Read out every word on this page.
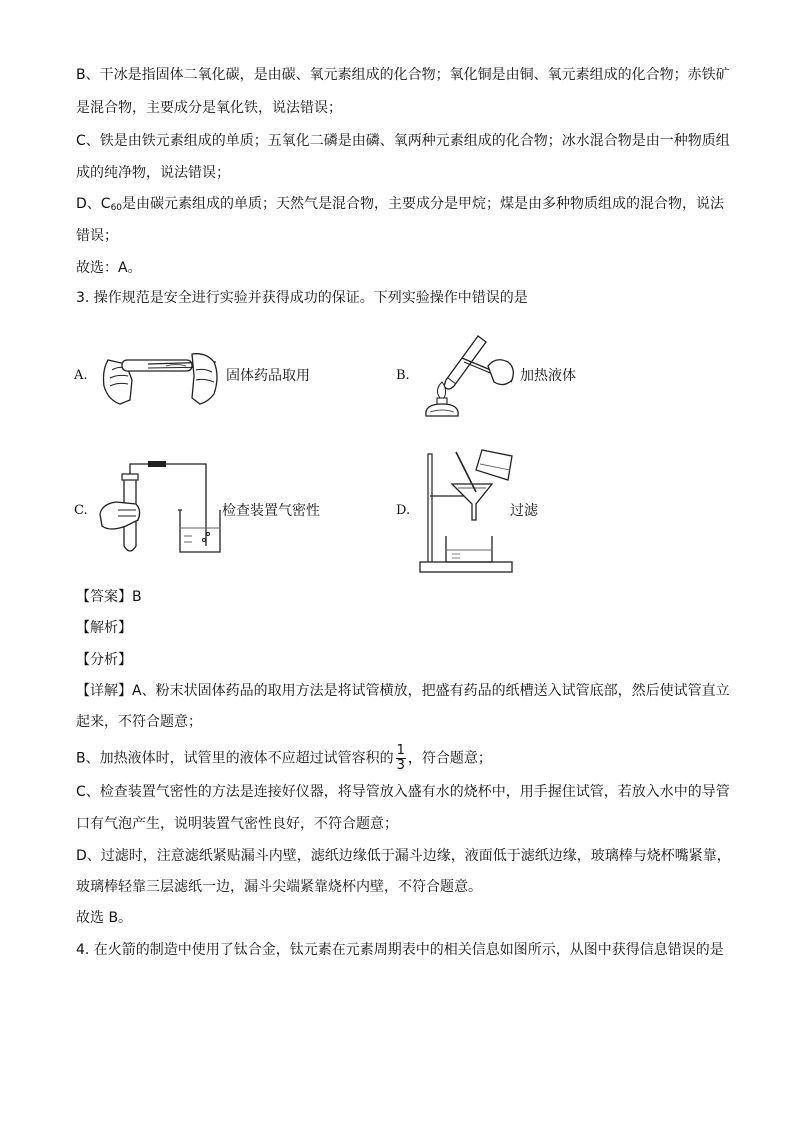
B、干冰是指固体二氧化碳，是由碳、氧元素组成的化合物；氧化铜是由铜、氧元素组成的化合物；赤铁矿
是混合物，主要成分是氧化铁，说法错误；
C、铁是由铁元素组成的单质；五氧化二磷是由磷、氧两种元素组成的化合物；冰水混合物是由一种物质组
成的纯净物，说法错误；
D、$C_{60}$是由碳元素组成的单质；天然气是混合物，主要成分是甲烷；煤是由多种物质组成的混合物，说法
错误；
故选：A。
3. 操作规范是安全进行实验并获得成功的保证。下列实验操作中错误的是
A.	固体药品取用	B.	加热液体
C.	检查装置气密性	D.	过滤
【答案】B
【解析】
【分析】
【详解】A、粉末状固体药品的取用方法是将试管横放，把盛有药品的纸槽送入试管底部，然后使试管直立
起来，不符合题意；
B、加热液体时，试管里的液体不应超过试管容积的 $\frac{1}{3}$ ，符合题意；
C、检查装置气密性的方法是连接好仪器，将导管放入盛有水的烧杯中，用手握住试管，若放入水中的导管
口有气泡产生，说明装置气密性良好，不符合题意；
D、过滤时，注意滤纸紧贴漏斗内壁，滤纸边缘低于漏斗边缘，液面低于滤纸边缘，玻璃棒与烧杯嘴紧靠，
玻璃棒轻靠三层滤纸一边，漏斗尖端紧靠烧杯内壁，不符合题意。
故选 B。
4. 在火箭的制造中使用了钛合金，钛元素在元素周期表中的相关信息如图所示，从图中获得信息错误的是
